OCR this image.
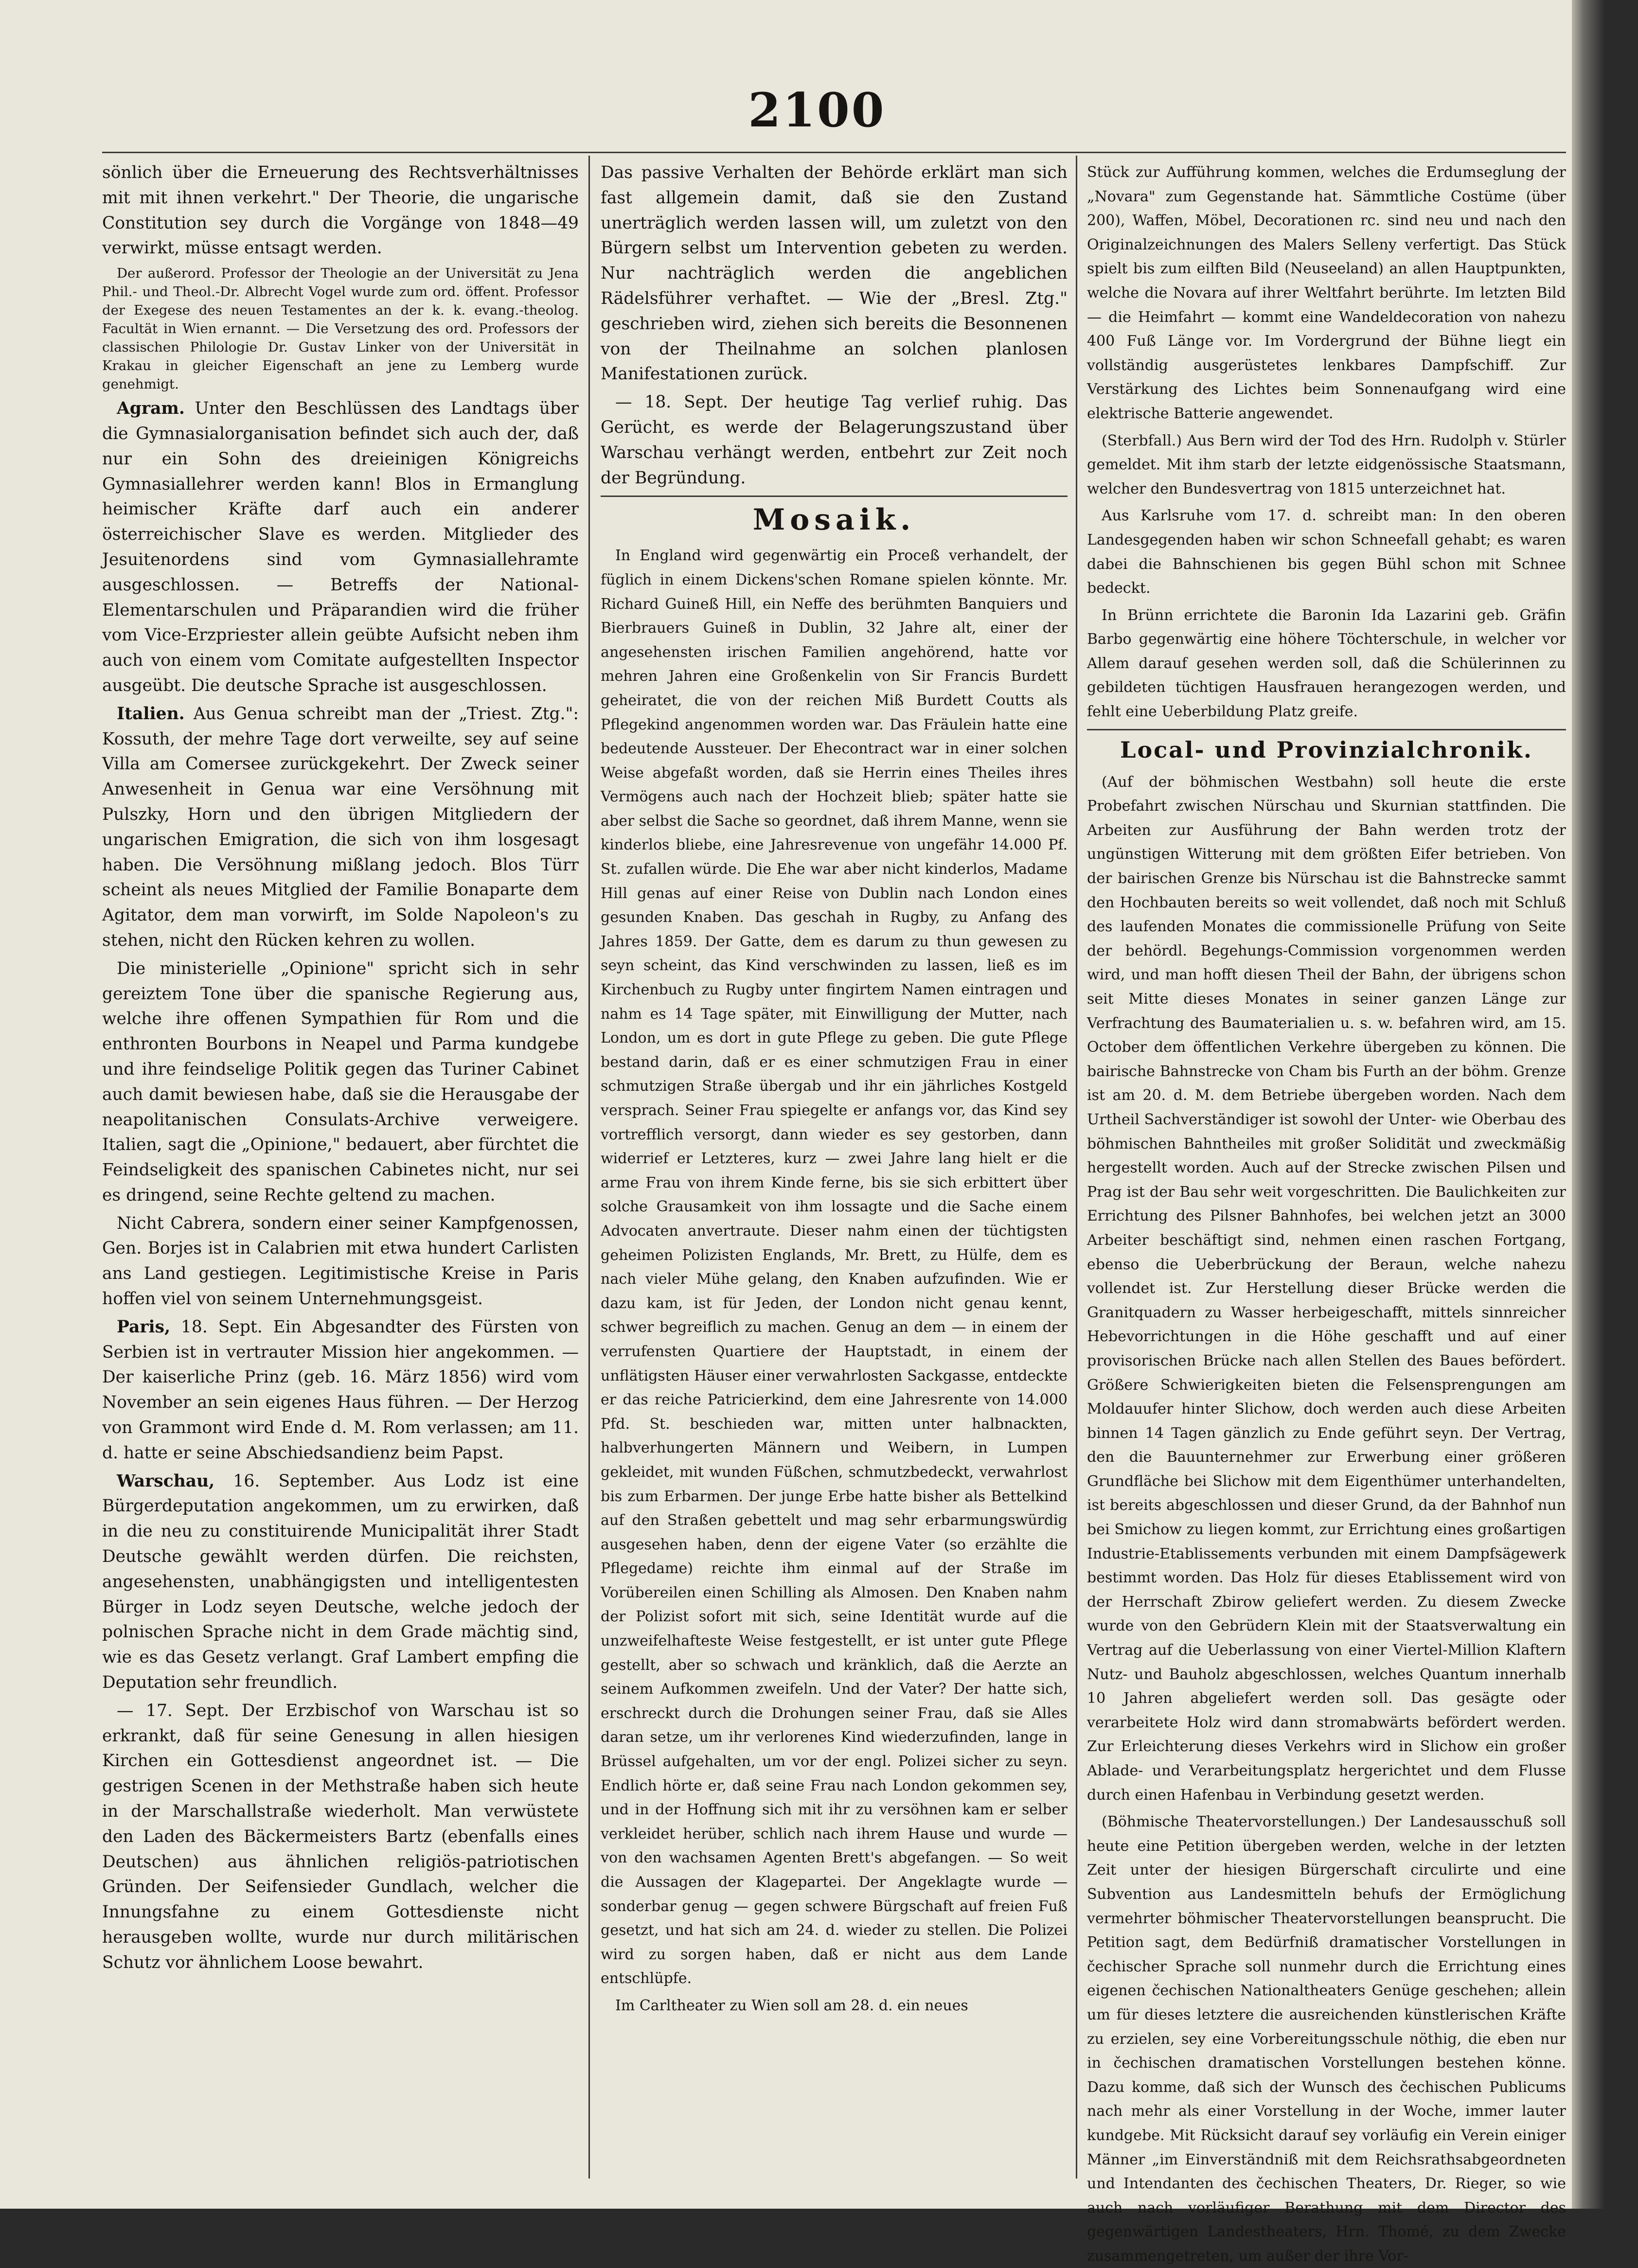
2100

sönlich über die Erneuerung des Rechtsverhältnisses mit mit ihnen verkehrt." Der Theorie, die ungarische Constitution sey durch die Vorgänge von 1848—49 verwirkt, müsse entsagt werden.

Der außerord. Professor der Theologie an der Universität zu Jena Phil.- und Theol.-Dr. Albrecht Vogel wurde zum ord. öffent. Professor der Exegese des neuen Testamentes an der k. k. evang.-theolog. Facultät in Wien ernannt. — Die Versetzung des ord. Professors der classischen Philologie Dr. Gustav Linker von der Universität in Krakau in gleicher Eigenschaft an jene zu Lemberg wurde genehmigt.

Agram. Unter den Beschlüssen des Landtags über die Gymnasialorganisation befindet sich auch der, daß nur ein Sohn des dreieinigen Königreichs Gymnasiallehrer werden kann! Blos in Ermanglung heimischer Kräfte darf auch ein anderer österreichischer Slave es werden. Mitglieder des Jesuitenordens sind vom Gymnasiallehramte ausgeschlossen. — Betreffs der National-Elementarschulen und Präparandien wird die früher vom Vice-Erzpriester allein geübte Aufsicht neben ihm auch von einem vom Comitate aufgestellten Inspector ausgeübt. Die deutsche Sprache ist ausgeschlossen.

Italien. Aus Genua schreibt man der „Triest. Ztg.": Kossuth, der mehre Tage dort verweilte, sey auf seine Villa am Comersee zurückgekehrt. Der Zweck seiner Anwesenheit in Genua war eine Versöhnung mit Pulszky, Horn und den übrigen Mitgliedern der ungarischen Emigration, die sich von ihm losgesagt haben. Die Versöhnung mißlang jedoch. Blos Türr scheint als neues Mitglied der Familie Bonaparte dem Agitator, dem man vorwirft, im Solde Napoleon's zu stehen, nicht den Rücken kehren zu wollen.

Die ministerielle „Opinione" spricht sich in sehr gereiztem Tone über die spanische Regierung aus, welche ihre offenen Sympathien für Rom und die enthronten Bourbons in Neapel und Parma kundgebe und ihre feindselige Politik gegen das Turiner Cabinet auch damit bewiesen habe, daß sie die Herausgabe der neapolitanischen Consulats-Archive verweigere. Italien, sagt die „Opinione," bedauert, aber fürchtet die Feindseligkeit des spanischen Cabinetes nicht, nur sei es dringend, seine Rechte geltend zu machen.

Nicht Cabrera, sondern einer seiner Kampfgenossen, Gen. Borjes ist in Calabrien mit etwa hundert Carlisten ans Land gestiegen. Legitimistische Kreise in Paris hoffen viel von seinem Unternehmungsgeist.

Paris, 18. Sept. Ein Abgesandter des Fürsten von Serbien ist in vertrauter Mission hier angekommen. — Der kaiserliche Prinz (geb. 16. März 1856) wird vom November an sein eigenes Haus führen. — Der Herzog von Grammont wird Ende d. M. Rom verlassen; am 11. d. hatte er seine Abschiedsandienz beim Papst.

Warschau, 16. September. Aus Lodz ist eine Bürgerdeputation angekommen, um zu erwirken, daß in die neu zu constituirende Municipalität ihrer Stadt Deutsche gewählt werden dürfen. Die reichsten, angesehensten, unabhängigsten und intelligentesten Bürger in Lodz seyen Deutsche, welche jedoch der polnischen Sprache nicht in dem Grade mächtig sind, wie es das Gesetz verlangt. Graf Lambert empfing die Deputation sehr freundlich.

— 17. Sept. Der Erzbischof von Warschau ist so erkrankt, daß für seine Genesung in allen hiesigen Kirchen ein Gottesdienst angeordnet ist. — Die gestrigen Scenen in der Methstraße haben sich heute in der Marschallstraße wiederholt. Man verwüstete den Laden des Bäckermeisters Bartz (ebenfalls eines Deutschen) aus ähnlichen religiös-patriotischen Gründen. Der Seifensieder Gundlach, welcher die Innungsfahne zu einem Gottesdienste nicht herausgeben wollte, wurde nur durch militärischen Schutz vor ähnlichem Loose bewahrt.

Das passive Verhalten der Behörde erklärt man sich fast allgemein damit, daß sie den Zustand unerträglich werden lassen will, um zuletzt von den Bürgern selbst um Intervention gebeten zu werden. Nur nachträglich werden die angeblichen Rädelsführer verhaftet. — Wie der „Bresl. Ztg." geschrieben wird, ziehen sich bereits die Besonnenen von der Theilnahme an solchen planlosen Manifestationen zurück.

— 18. Sept. Der heutige Tag verlief ruhig. Das Gerücht, es werde der Belagerungszustand über Warschau verhängt werden, entbehrt zur Zeit noch der Begründung.

Mosaik.

In England wird gegenwärtig ein Proceß verhandelt, der füglich in einem Dickens'schen Romane spielen könnte. Mr. Richard Guineß Hill, ein Neffe des berühmten Banquiers und Bierbrauers Guineß in Dublin, 32 Jahre alt, einer der angesehensten irischen Familien angehörend, hatte vor mehren Jahren eine Großenkelin von Sir Francis Burdett geheiratet, die von der reichen Miß Burdett Coutts als Pflegekind angenommen worden war. Das Fräulein hatte eine bedeutende Aussteuer. Der Ehecontract war in einer solchen Weise abgefaßt worden, daß sie Herrin eines Theiles ihres Vermögens auch nach der Hochzeit blieb; später hatte sie aber selbst die Sache so geordnet, daß ihrem Manne, wenn sie kinderlos bliebe, eine Jahresrevenue von ungefähr 14.000 Pf. St. zufallen würde. Die Ehe war aber nicht kinderlos, Madame Hill genas auf einer Reise von Dublin nach London eines gesunden Knaben. Das geschah in Rugby, zu Anfang des Jahres 1859. Der Gatte, dem es darum zu thun gewesen zu seyn scheint, das Kind verschwinden zu lassen, ließ es im Kirchenbuch zu Rugby unter fingirtem Namen eintragen und nahm es 14 Tage später, mit Einwilligung der Mutter, nach London, um es dort in gute Pflege zu geben. Die gute Pflege bestand darin, daß er es einer schmutzigen Frau in einer schmutzigen Straße übergab und ihr ein jährliches Kostgeld versprach. Seiner Frau spiegelte er anfangs vor, das Kind sey vortrefflich versorgt, dann wieder es sey gestorben, dann widerrief er Letzteres, kurz — zwei Jahre lang hielt er die arme Frau von ihrem Kinde ferne, bis sie sich erbittert über solche Grausamkeit von ihm lossagte und die Sache einem Advocaten anvertraute. Dieser nahm einen der tüchtigsten geheimen Polizisten Englands, Mr. Brett, zu Hülfe, dem es nach vieler Mühe gelang, den Knaben aufzufinden. Wie er dazu kam, ist für Jeden, der London nicht genau kennt, schwer begreiflich zu machen. Genug an dem — in einem der verrufensten Quartiere der Hauptstadt, in einem der unflätigsten Häuser einer verwahrlosten Sackgasse, entdeckte er das reiche Patricierkind, dem eine Jahresrente von 14.000 Pfd. St. beschieden war, mitten unter halbnackten, halbverhungerten Männern und Weibern, in Lumpen gekleidet, mit wunden Füßchen, schmutzbedeckt, verwahrlost bis zum Erbarmen. Der junge Erbe hatte bisher als Bettelkind auf den Straßen gebettelt und mag sehr erbarmungswürdig ausgesehen haben, denn der eigene Vater (so erzählte die Pflegedame) reichte ihm einmal auf der Straße im Vorübereilen einen Schilling als Almosen. Den Knaben nahm der Polizist sofort mit sich, seine Identität wurde auf die unzweifelhafteste Weise festgestellt, er ist unter gute Pflege gestellt, aber so schwach und kränklich, daß die Aerzte an seinem Aufkommen zweifeln. Und der Vater? Der hatte sich, erschreckt durch die Drohungen seiner Frau, daß sie Alles daran setze, um ihr verlorenes Kind wiederzufinden, lange in Brüssel aufgehalten, um vor der engl. Polizei sicher zu seyn. Endlich hörte er, daß seine Frau nach London gekommen sey, und in der Hoffnung sich mit ihr zu versöhnen kam er selber verkleidet herüber, schlich nach ihrem Hause und wurde — von den wachsamen Agenten Brett's abgefangen. — So weit die Aussagen der Klagepartei. Der Angeklagte wurde — sonderbar genug — gegen schwere Bürgschaft auf freien Fuß gesetzt, und hat sich am 24. d. wieder zu stellen. Die Polizei wird zu sorgen haben, daß er nicht aus dem Lande entschlüpfe.

Im Carltheater zu Wien soll am 28. d. ein neues

Stück zur Aufführung kommen, welches die Erdumseglung der „Novara" zum Gegenstande hat. Sämmtliche Costüme (über 200), Waffen, Möbel, Decorationen rc. sind neu und nach den Originalzeichnungen des Malers Selleny verfertigt. Das Stück spielt bis zum eilften Bild (Neuseeland) an allen Hauptpunkten, welche die Novara auf ihrer Weltfahrt berührte. Im letzten Bild — die Heimfahrt — kommt eine Wandeldecoration von nahezu 400 Fuß Länge vor. Im Vordergrund der Bühne liegt ein vollständig ausgerüstetes lenkbares Dampfschiff. Zur Verstärkung des Lichtes beim Sonnenaufgang wird eine elektrische Batterie angewendet.

(Sterbfall.) Aus Bern wird der Tod des Hrn. Rudolph v. Stürler gemeldet. Mit ihm starb der letzte eidgenössische Staatsmann, welcher den Bundesvertrag von 1815 unterzeichnet hat.

Aus Karlsruhe vom 17. d. schreibt man: In den oberen Landesgegenden haben wir schon Schneefall gehabt; es waren dabei die Bahnschienen bis gegen Bühl schon mit Schnee bedeckt.

In Brünn errichtete die Baronin Ida Lazarini geb. Gräfin Barbo gegenwärtig eine höhere Töchterschule, in welcher vor Allem darauf gesehen werden soll, daß die Schülerinnen zu gebildeten tüchtigen Hausfrauen herangezogen werden, und fehlt eine Ueberbildung Platz greife.

Local- und Provinzialchronik.

(Auf der böhmischen Westbahn) soll heute die erste Probefahrt zwischen Nürschau und Skurnian stattfinden. Die Arbeiten zur Ausführung der Bahn werden trotz der ungünstigen Witterung mit dem größten Eifer betrieben. Von der bairischen Grenze bis Nürschau ist die Bahnstrecke sammt den Hochbauten bereits so weit vollendet, daß noch mit Schluß des laufenden Monates die commissionelle Prüfung von Seite der behördl. Begehungs-Commission vorgenommen werden wird, und man hofft diesen Theil der Bahn, der übrigens schon seit Mitte dieses Monates in seiner ganzen Länge zur Verfrachtung des Baumaterialien u. s. w. befahren wird, am 15. October dem öffentlichen Verkehre übergeben zu können. Die bairische Bahnstrecke von Cham bis Furth an der böhm. Grenze ist am 20. d. M. dem Betriebe übergeben worden. Nach dem Urtheil Sachverständiger ist sowohl der Unter- wie Oberbau des böhmischen Bahntheiles mit großer Solidität und zweckmäßig hergestellt worden. Auch auf der Strecke zwischen Pilsen und Prag ist der Bau sehr weit vorgeschritten. Die Baulichkeiten zur Errichtung des Pilsner Bahnhofes, bei welchen jetzt an 3000 Arbeiter beschäftigt sind, nehmen einen raschen Fortgang, ebenso die Ueberbrückung der Beraun, welche nahezu vollendet ist. Zur Herstellung dieser Brücke werden die Granitquadern zu Wasser herbeigeschafft, mittels sinnreicher Hebevorrichtungen in die Höhe geschafft und auf einer provisorischen Brücke nach allen Stellen des Baues befördert. Größere Schwierigkeiten bieten die Felsensprengungen am Moldauufer hinter Slichow, doch werden auch diese Arbeiten binnen 14 Tagen gänzlich zu Ende geführt seyn. Der Vertrag, den die Bauunternehmer zur Erwerbung einer größeren Grundfläche bei Slichow mit dem Eigenthümer unterhandelten, ist bereits abgeschlossen und dieser Grund, da der Bahnhof nun bei Smichow zu liegen kommt, zur Errichtung eines großartigen Industrie-Etablissements verbunden mit einem Dampfsägewerk bestimmt worden. Das Holz für dieses Etablissement wird von der Herrschaft Zbirow geliefert werden. Zu diesem Zwecke wurde von den Gebrüdern Klein mit der Staatsverwaltung ein Vertrag auf die Ueberlassung von einer Viertel-Million Klaftern Nutz- und Bauholz abgeschlossen, welches Quantum innerhalb 10 Jahren abgeliefert werden soll. Das gesägte oder verarbeitete Holz wird dann stromabwärts befördert werden. Zur Erleichterung dieses Verkehrs wird in Slichow ein großer Ablade- und Verarbeitungsplatz hergerichtet und dem Flusse durch einen Hafenbau in Verbindung gesetzt werden.

(Böhmische Theatervorstellungen.) Der Landesausschuß soll heute eine Petition übergeben werden, welche in der letzten Zeit unter der hiesigen Bürgerschaft circulirte und eine Subvention aus Landesmitteln behufs der Ermöglichung vermehrter böhmischer Theatervorstellungen beansprucht. Die Petition sagt, dem Bedürfniß dramatischer Vorstellungen in čechischer Sprache soll nunmehr durch die Errichtung eines eigenen čechischen Nationaltheaters Genüge geschehen; allein um für dieses letztere die ausreichenden künstlerischen Kräfte zu erzielen, sey eine Vorbereitungsschule nöthig, die eben nur in čechischen dramatischen Vorstellungen bestehen könne. Dazu komme, daß sich der Wunsch des čechischen Publicums nach mehr als einer Vorstellung in der Woche, immer lauter kundgebe. Mit Rücksicht darauf sey vorläufig ein Verein einiger Männer „im Einverständniß mit dem Reichsrathsabgeordneten und Intendanten des čechischen Theaters, Dr. Rieger, so wie auch nach vorläufiger Berathung mit dem Director des gegenwärtigen Landestheaters, Hrn. Thomé, zu dem Zwecke zusammengetreten, um außer der ihre Vor-
